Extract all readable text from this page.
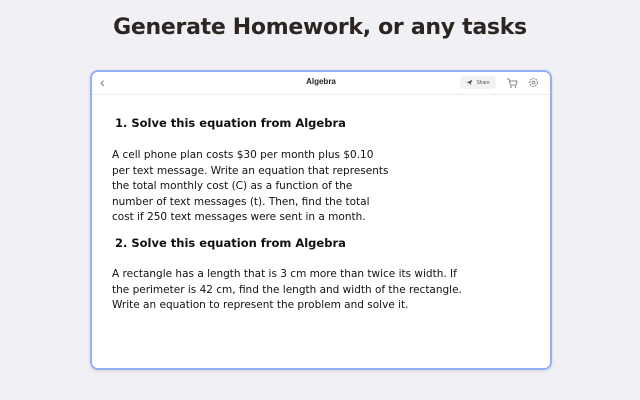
Generate Homework, or any tasks
‹	Algebra	Share
1. Solve this equation from Algebra
A cell phone plan costs $30 per month plus $0.10
per text message. Write an equation that represents
the total monthly cost (C) as a function of the
number of text messages (t). Then, find the total
cost if 250 text messages were sent in a month.
2. Solve this equation from Algebra
A rectangle has a length that is 3 cm more than twice its width. If
the perimeter is 42 cm, find the length and width of the rectangle.
Write an equation to represent the problem and solve it.
